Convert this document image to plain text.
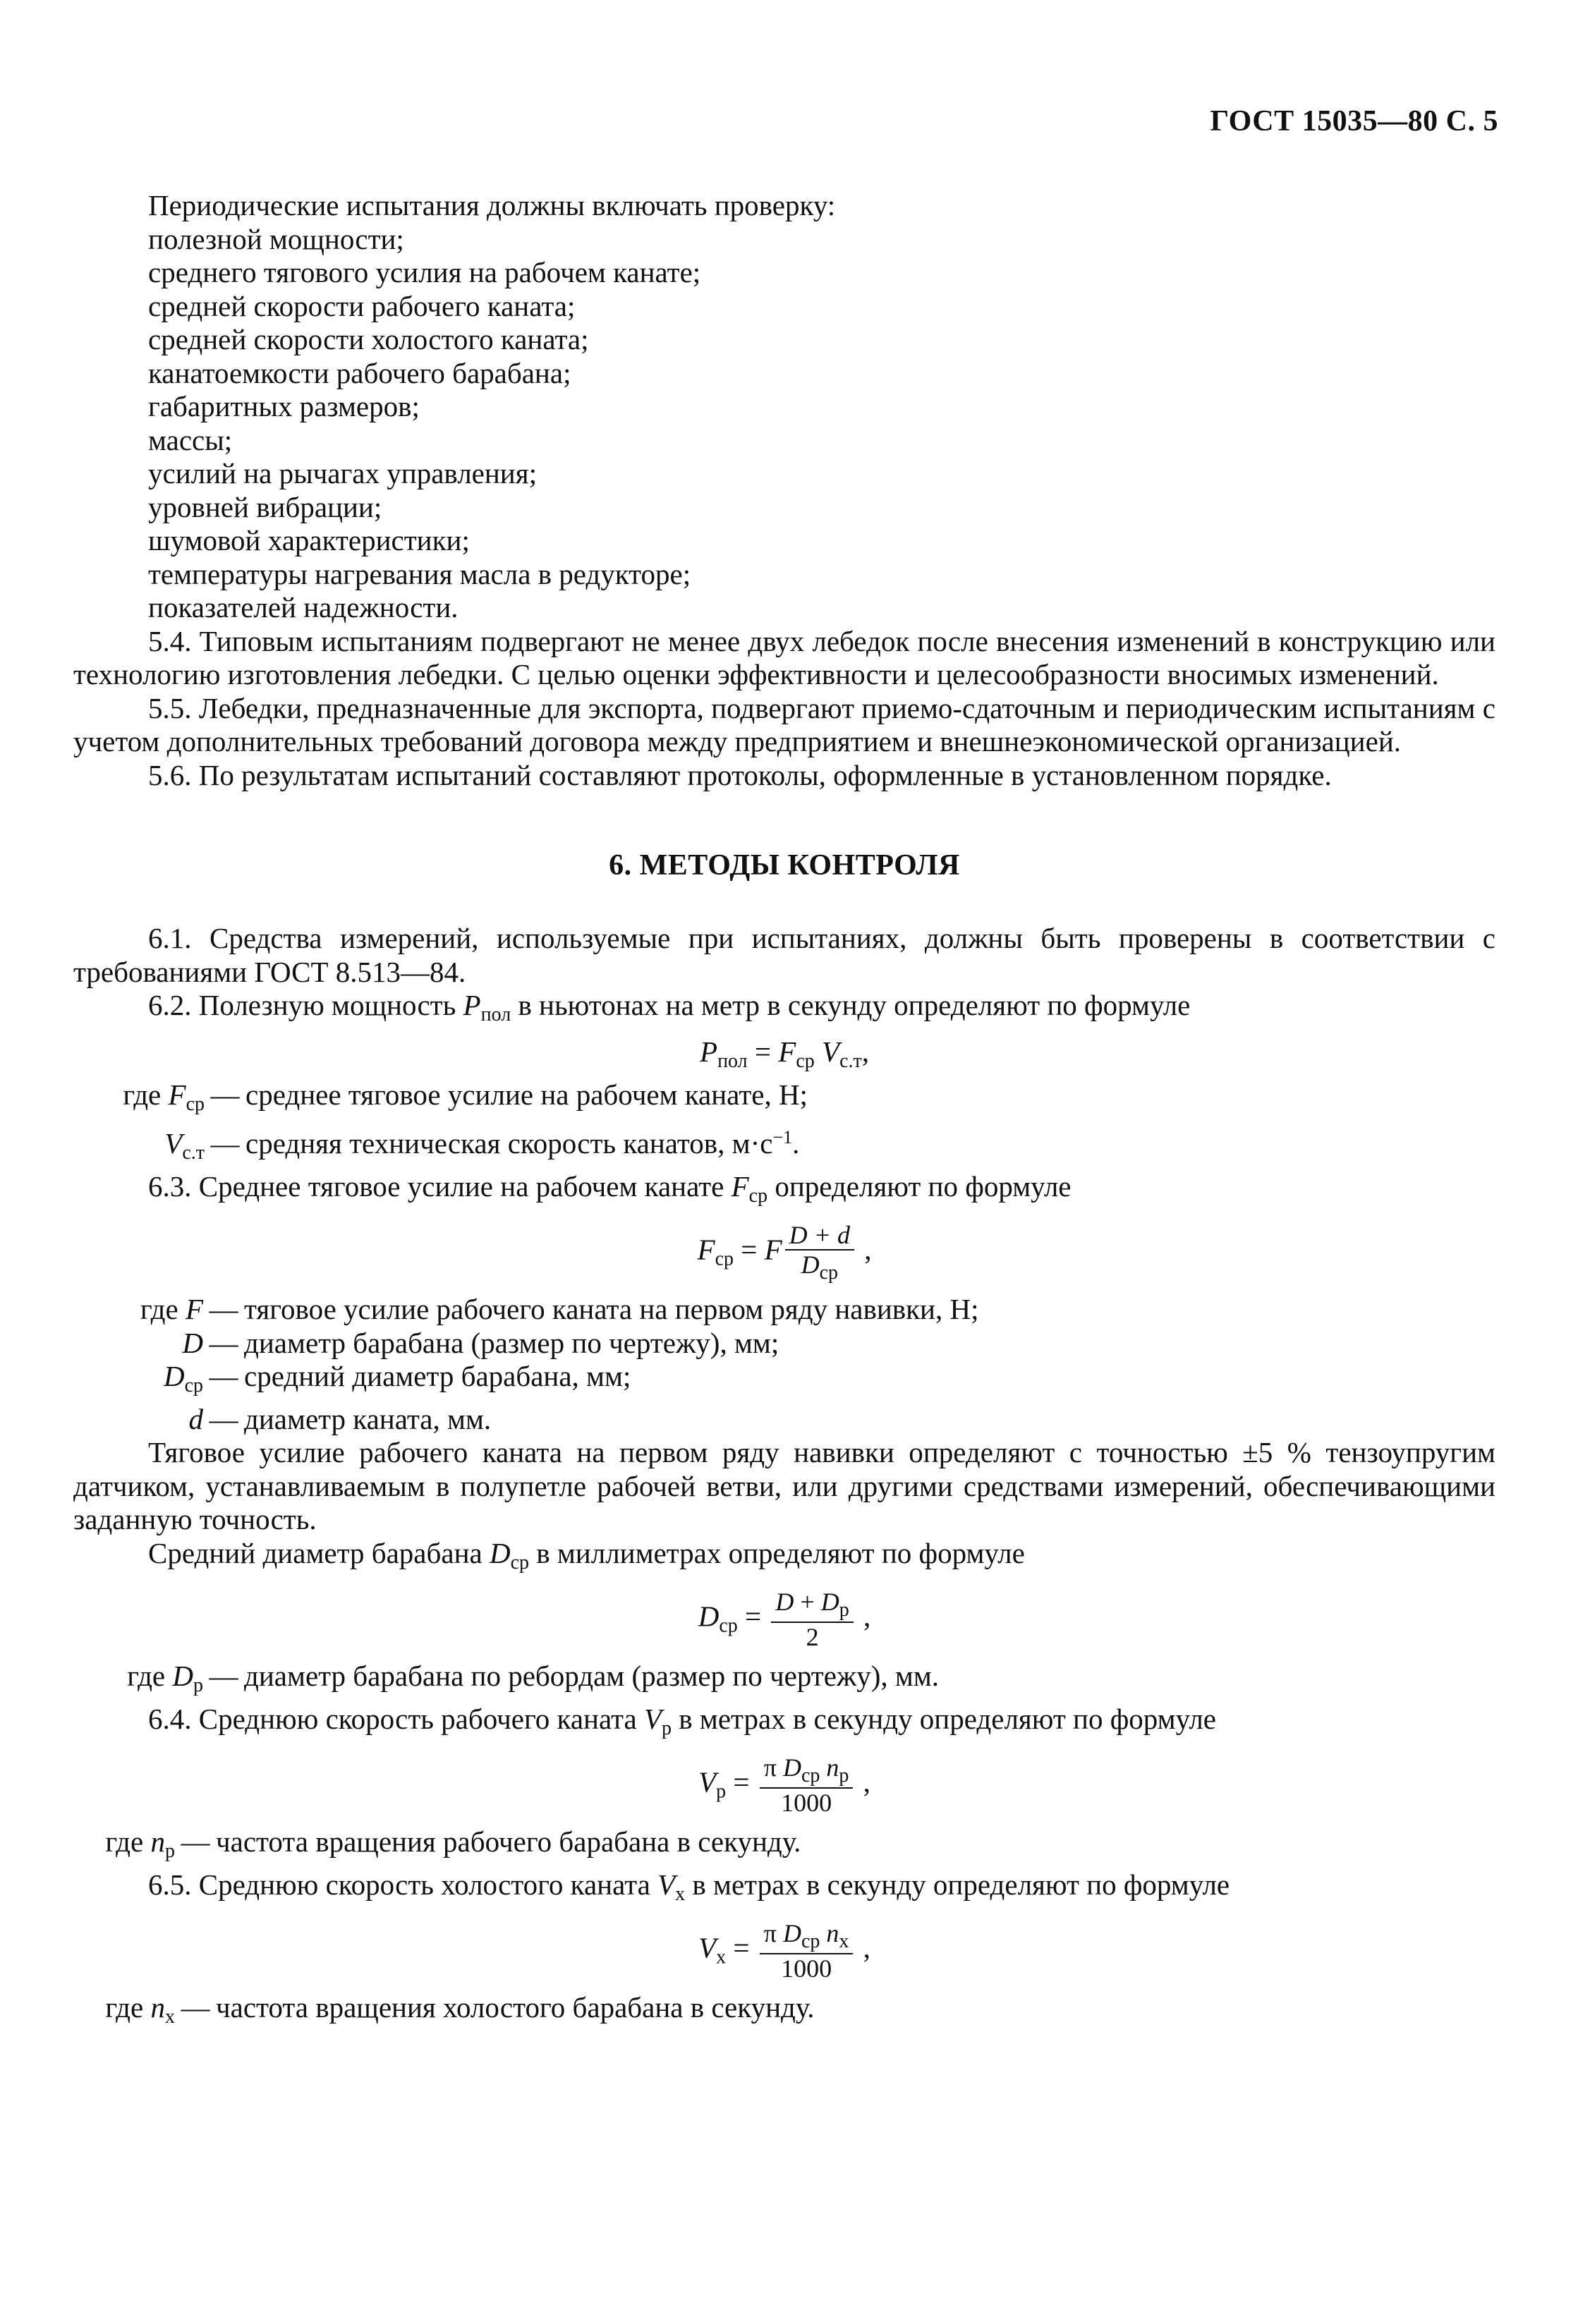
ГОСТ 15035—80 С. 5
Периодические испытания должны включать проверку:
полезной мощности;
среднего тягового усилия на рабочем канате;
средней скорости рабочего каната;
средней скорости холостого каната;
канатоемкости рабочего барабана;
габаритных размеров;
массы;
усилий на рычагах управления;
уровней вибрации;
шумовой характеристики;
температуры нагревания масла в редукторе;
показателей надежности.
5.4. Типовым испытаниям подвергают не менее двух лебедок после внесения изменений в конструкцию или технологию изготовления лебедки. С целью оценки эффективности и целесообразности вносимых изменений.
5.5. Лебедки, предназначенные для экспорта, подвергают приемо-сдаточным и периодическим испытаниям с учетом дополнительных требований договора между предприятием и внешнеэкономической организацией.
5.6. По результатам испытаний составляют протоколы, оформленные в установленном порядке.
6. МЕТОДЫ КОНТРОЛЯ
6.1. Средства измерений, используемые при испытаниях, должны быть проверены в соответствии с требованиями ГОСТ 8.513—84.
6.2. Полезную мощность $P_{пол}$ в ньютонах на метр в секунду определяют по формуле
$P_{пол} = F_{ср}$ $V_{с.т}$,
где $F_{ср}$ — среднее тяговое усилие на рабочем канате, Н;
$V_{с.т}$ — средняя техническая скорость канатов, $м\cdot с^{-1}$.
6.3. Среднее тяговое усилие на рабочем канате $F_{ср}$ определяют по формуле
$F_{ср} = F \frac{D + d}{D_{ср}}$ ,
где F — тяговое усилие рабочего каната на первом ряду навивки, Н;
D — диаметр барабана (размер по чертежу), мм;
$D_{ср}$ — средний диаметр барабана, мм;
d — диаметр каната, мм.
Тяговое усилие рабочего каната на первом ряду навивки определяют с точностью ±5 % тензоупругим датчиком, устанавливаемым в полупетле рабочей ветви, или другими средствами измерений, обеспечивающими заданную точность.
Средний диаметр барабана $D_{ср}$ в миллиметрах определяют по формуле
$D_{ср} = \frac{D + D_р}{2}$ ,
где $D_р$ — диаметр барабана по ребордам (размер по чертежу), мм.
6.4. Среднюю скорость рабочего каната $V_р$ в метрах в секунду определяют по формуле
$V_р = \frac{\pi D_{ср} n_р}{1000}$ ,
где $n_р$ — частота вращения рабочего барабана в секунду.
6.5. Среднюю скорость холостого каната $V_х$ в метрах в секунду определяют по формуле
$V_х = \frac{\pi D_{ср} n_х}{1000}$ ,
где $n_х$ — частота вращения холостого барабана в секунду.
